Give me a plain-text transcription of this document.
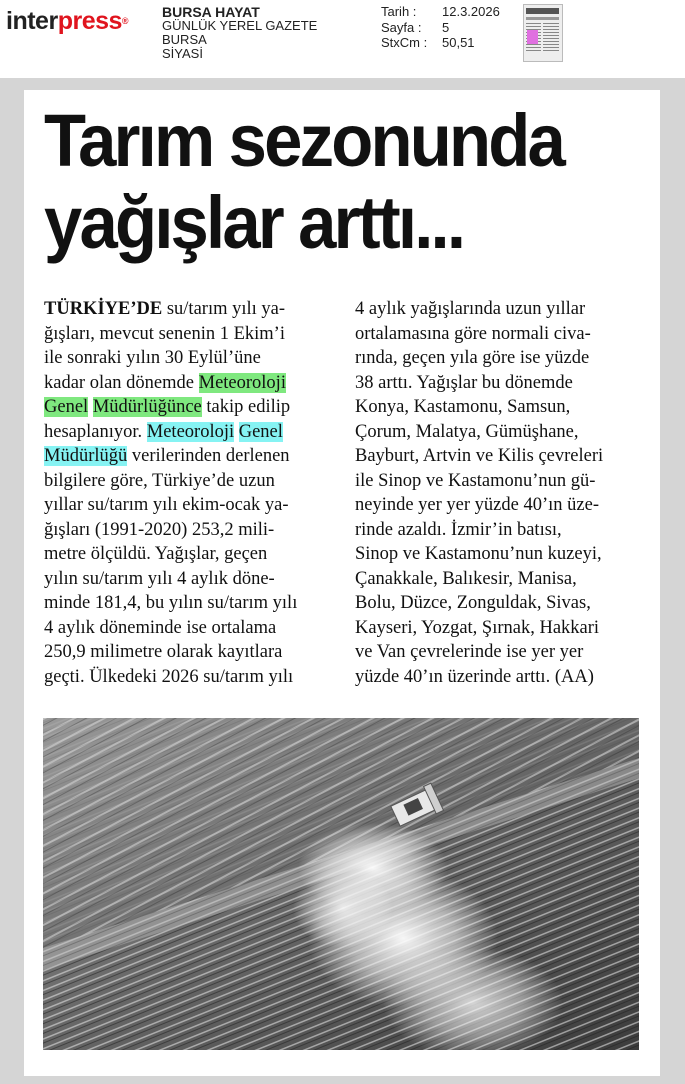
interpress®
BURSA HAYAT
GÜNLÜK YEREL GAZETE
BURSA
SİYASİ
Tarih :	12.3.2026
Sayfa :	5
StxCm :	50,51
Tarım sezonunda
yağışlar arttı...
TÜRKİYE’DE su/tarım yılı ya-
ğışları, mevcut senenin 1 Ekim’i
ile sonraki yılın 30 Eylül’üne
kadar olan dönemde Meteoroloji
Genel Müdürlüğünce takip edilip
hesaplanıyor. Meteoroloji Genel
Müdürlüğü verilerinden derlenen
bilgilere göre, Türkiye’de uzun
yıllar su/tarım yılı ekim-ocak ya-
ğışları (1991-2020) 253,2 mili-
metre ölçüldü. Yağışlar, geçen
yılın su/tarım yılı 4 aylık döne-
minde 181,4, bu yılın su/tarım yılı
4 aylık döneminde ise ortalama
250,9 milimetre olarak kayıtlara
geçti. Ülkedeki 2026 su/tarım yılı
4 aylık yağışlarında uzun yıllar
ortalamasına göre normali civa-
rında, geçen yıla göre ise yüzde
38 arttı. Yağışlar bu dönemde
Konya, Kastamonu, Samsun,
Çorum, Malatya, Gümüşhane,
Bayburt, Artvin ve Kilis çevreleri
ile Sinop ve Kastamonu’nun gü-
neyinde yer yer yüzde 40’ın üze-
rinde azaldı. İzmir’in batısı,
Sinop ve Kastamonu’nun kuzeyi,
Çanakkale, Balıkesir, Manisa,
Bolu, Düzce, Zonguldak, Sivas,
Kayseri, Yozgat, Şırnak, Hakkari
ve Van çevrelerinde ise yer yer
yüzde 40’ın üzerinde arttı. (AA)
